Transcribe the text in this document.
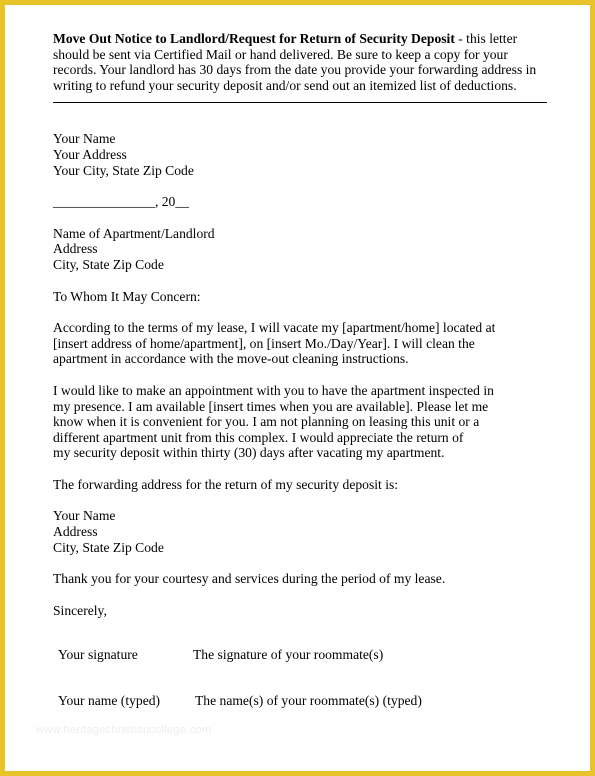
Move Out Notice to Landlord/Request for Return of Security Deposit - this letter should be sent via Certified Mail or hand delivered. Be sure to keep a copy for your records. Your landlord has 30 days from the date you provide your forwarding address in writing to refund your security deposit and/or send out an itemized list of deductions.

Your Name
Your Address
Your City, State Zip Code
_______________, 20__
Name of Apartment/Landlord
Address
City, State Zip Code
To Whom It May Concern:
According to the terms of my lease, I will vacate my [apartment/home] located at
[insert address of home/apartment], on [insert Mo./Day/Year]. I will clean the
apartment in accordance with the move-out cleaning instructions.
I would like to make an appointment with you to have the apartment inspected in
my presence. I am available [insert times when you are available]. Please let me
know when it is convenient for you. I am not planning on leasing this unit or a
different apartment unit from this complex. I would appreciate the return of
my security deposit within thirty (30) days after vacating my apartment.
The forwarding address for the return of my security deposit is:
Your Name
Address
City, State Zip Code
Thank you for your courtesy and services during the period of my lease.
Sincerely,
Your signature	The signature of your roommate(s)
Your name (typed)	The name(s) of your roommate(s) (typed)
www.heritagechristiancollege.com
